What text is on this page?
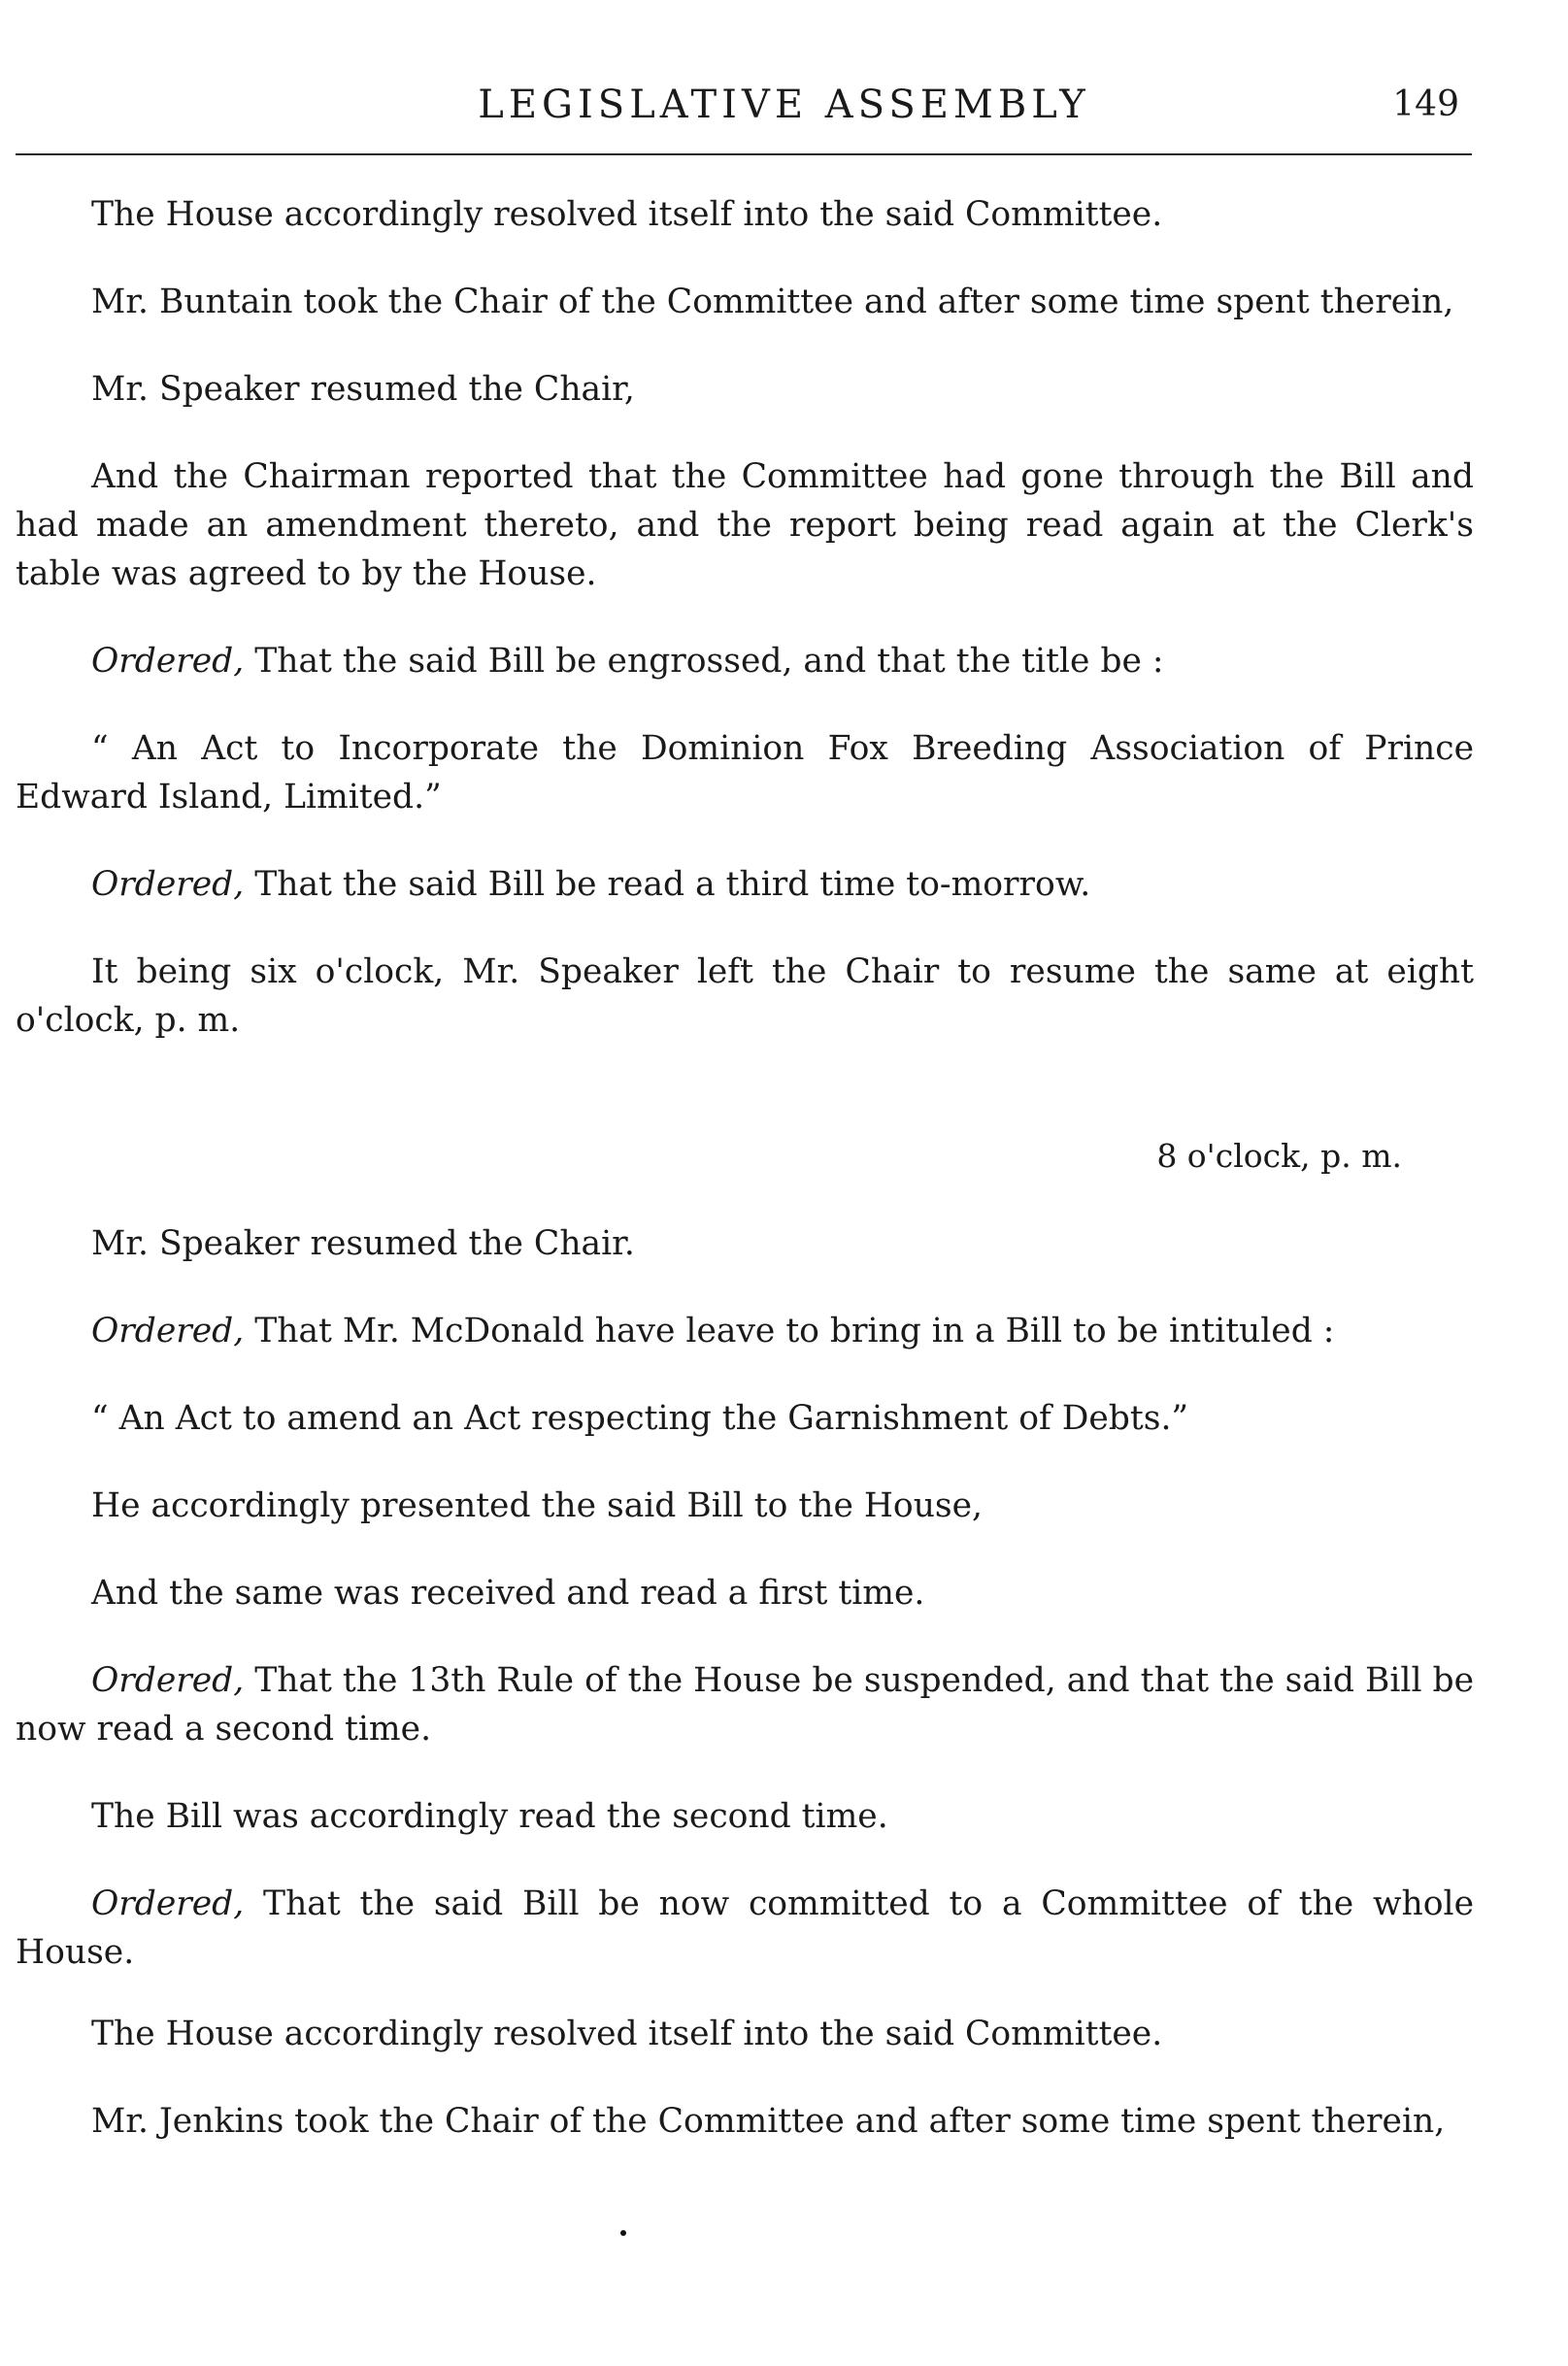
LEGISLATIVE ASSEMBLY	149

The House accordingly resolved itself into the said Committee.

Mr. Buntain took the Chair of the Committee and after some time spent therein,

Mr. Speaker resumed the Chair,

And the Chairman reported that the Committee had gone through the Bill and had made an amendment thereto, and the report being read again at the Clerk's table was agreed to by the House.

Ordered, That the said Bill be engrossed, and that the title be :

“ An Act to Incorporate the Dominion Fox Breeding Association of Prince Edward Island, Limited.”

Ordered, That the said Bill be read a third time to-morrow.

It being six o'clock, Mr. Speaker left the Chair to resume the same at eight o'clock, p. m.

8 o'clock, p. m.

Mr. Speaker resumed the Chair.

Ordered, That Mr. McDonald have leave to bring in a Bill to be intituled :

“ An Act to amend an Act respecting the Garnishment of Debts.”

He accordingly presented the said Bill to the House,

And the same was received and read a first time.

Ordered, That the 13th Rule of the House be suspended, and that the said Bill be now read a second time.

The Bill was accordingly read the second time.

Ordered, That the said Bill be now committed to a Committee of the whole House.

The House accordingly resolved itself into the said Committee.

Mr. Jenkins took the Chair of the Committee and after some time spent therein,
